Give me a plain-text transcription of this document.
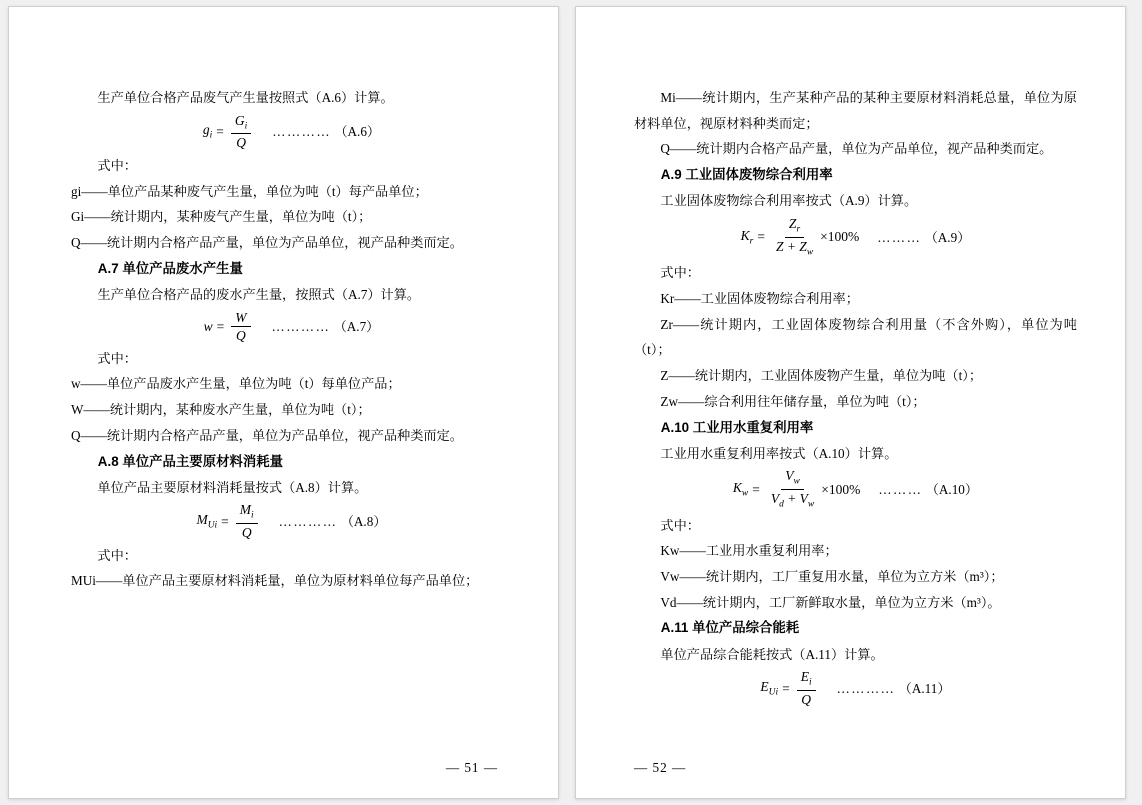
生产单位合格产品废气产生量按照式（A.6）计算。

$g_i = \frac{G_i}{Q}$ ………… （A.6）

式中：

gi——单位产品某种废气产生量，单位为吨（t）每产品单位；

Gi——统计期内，某种废气产生量，单位为吨（t）；

Q——统计期内合格产品产量，单位为产品单位，视产品种类而定。

A.7 单位产品废水产生量

生产单位合格产品的废水产生量，按照式（A.7）计算。

$w = \frac{W}{Q}$ ………… （A.7）

式中：

w——单位产品废水产生量，单位为吨（t）每单位产品；

W——统计期内，某种废水产生量，单位为吨（t）；

Q——统计期内合格产品产量，单位为产品单位，视产品种类而定。

A.8 单位产品主要原材料消耗量

单位产品主要原材料消耗量按式（A.8）计算。

$M_{Ui} = \frac{M_i}{Q}$ ………… （A.8）

式中：

MUi——单位产品主要原材料消耗量，单位为原材料单位每产品单位；

— 51 —

Mi——统计期内，生产某种产品的某种主要原材料消耗总量，单位为原材料单位，视原材料种类而定；

Q——统计期内合格产品产量，单位为产品单位，视产品种类而定。

A.9 工业固体废物综合利用率

工业固体废物综合利用率按式（A.9）计算。

$K_r = \frac{Z_r}{Z + Z_w} \times 100\%$ ……… （A.9）

式中：

Kr——工业固体废物综合利用率；

Zr——统计期内，工业固体废物综合利用量（不含外购），单位为吨（t）；

Z——统计期内，工业固体废物产生量，单位为吨（t）；

Zw——综合利用往年储存量，单位为吨（t）；

A.10 工业用水重复利用率

工业用水重复利用率按式（A.10）计算。

$K_w = \frac{V_w}{V_d + V_w} \times 100\%$ ……… （A.10）

式中：

Kw——工业用水重复利用率；

Vw——统计期内，工厂重复用水量，单位为立方米（m³）；

Vd——统计期内，工厂新鲜取水量，单位为立方米（m³）。

A.11 单位产品综合能耗

单位产品综合能耗按式（A.11）计算。

$E_{Ui} = \frac{E_i}{Q}$ ………… （A.11）
— 52 —
